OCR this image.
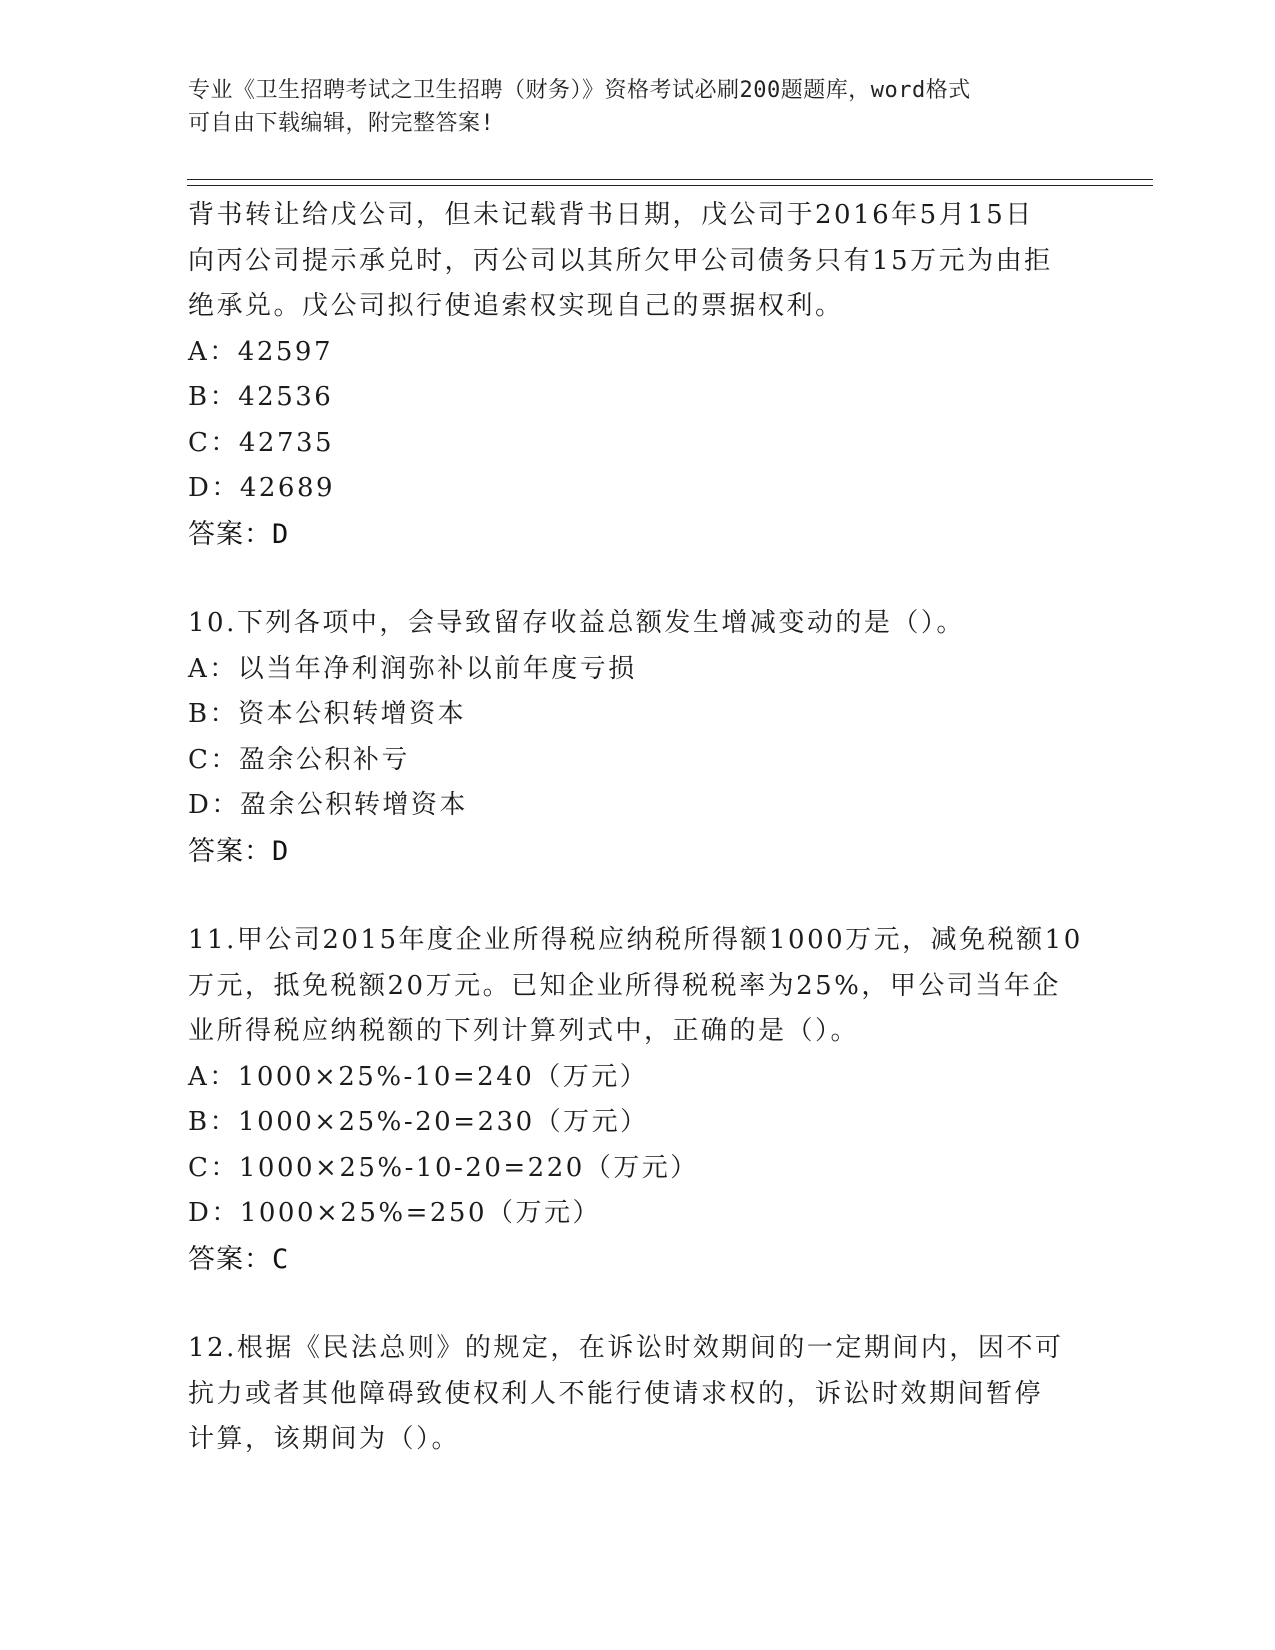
专业《卫生招聘考试之卫生招聘（财务）》资格考试必刷200题题库，word格式
可自由下载编辑，附完整答案!
背书转让给戊公司，但未记载背书日期，戊公司于2016年5月15日
向丙公司提示承兑时，丙公司以其所欠甲公司债务只有15万元为由拒
绝承兑。戊公司拟行使追索权实现自己的票据权利。
A：42597
B：42536
C：42735
D：42689
答案：D
10.下列各项中，会导致留存收益总额发生增减变动的是（）。
A：以当年净利润弥补以前年度亏损
B：资本公积转增资本
C：盈余公积补亏
D：盈余公积转增资本
答案：D
11.甲公司2015年度企业所得税应纳税所得额1000万元，减免税额10
万元，抵免税额20万元。已知企业所得税税率为25%，甲公司当年企
业所得税应纳税额的下列计算列式中，正确的是（）。
A：1000×25%-10=240（万元）
B：1000×25%-20=230（万元）
C：1000×25%-10-20=220（万元）
D：1000×25%=250（万元）
答案：C
12.根据《民法总则》的规定，在诉讼时效期间的一定期间内，因不可
抗力或者其他障碍致使权利人不能行使请求权的，诉讼时效期间暂停
计算，该期间为（）。
